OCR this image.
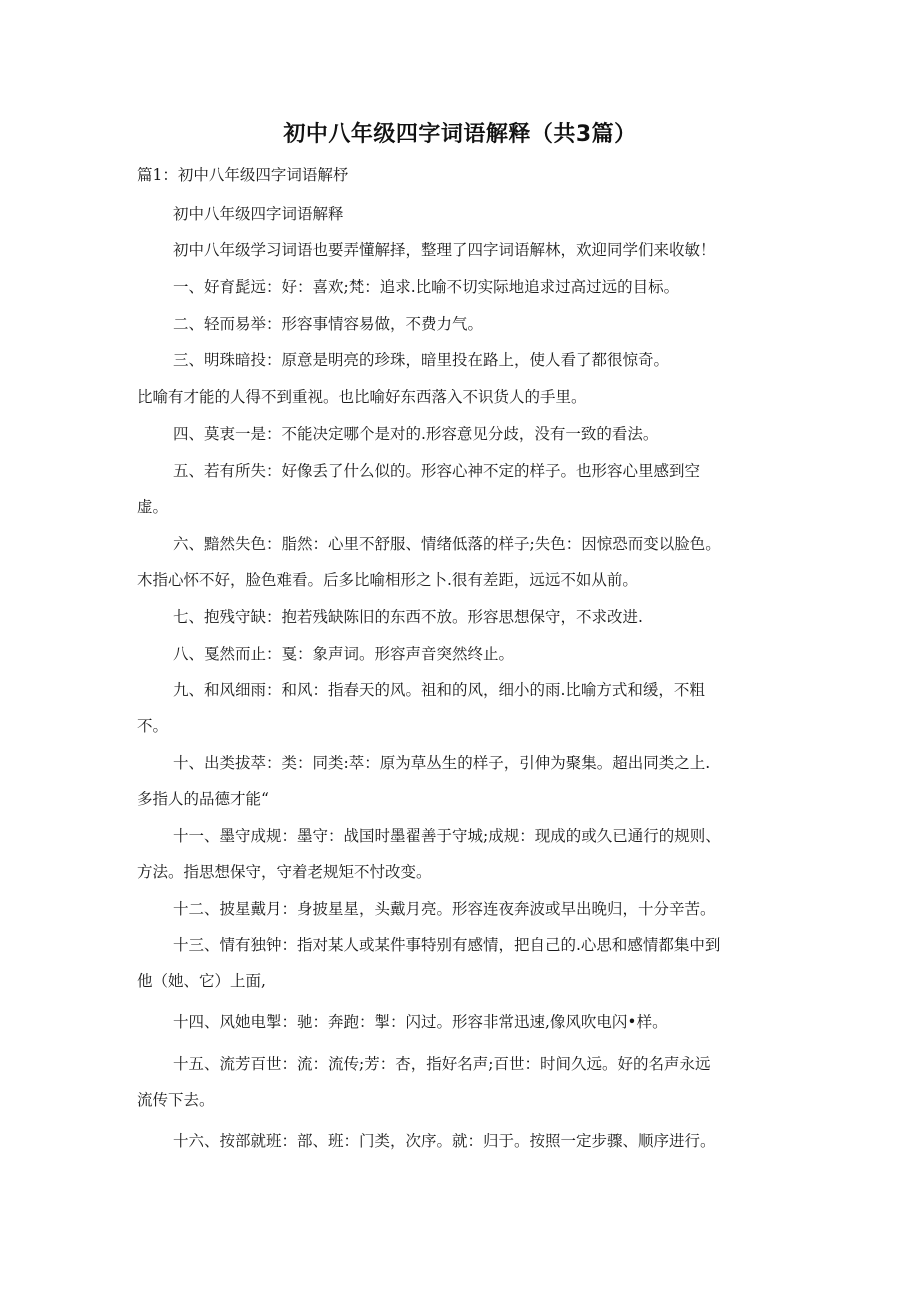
初中八年级四字词语解释（共3篇）
篇1：初中八年级四字词语解杼
初中八年级四字词语解释
初中八年级学习词语也要弄懂解择，整理了四字词语解林，欢迎同学们来收敏！
一、好育髭远：好：喜欢;梵：追求.比喻不切实际地追求过高过远的目标。
二、轻而易举：形容事情容易做，不费力气。
三、明珠暗投：原意是明亮的珍珠，暗里投在路上，使人看了都很惊奇。
比喻有才能的人得不到重视。也比喻好东西落入不识货人的手里。
四、莫衷一是：不能决定哪个是对的.形容意见分歧，没有一致的看法。
五、若有所失：好像丢了什么似的。形容心神不定的样子。也形容心里感到空
虚。
六、黯然失色：脂然：心里不舒服、情绪低落的样子;失色：因惊恐而变以脸色。
木指心怀不好，脸色难看。后多比喻相形之卜.很有差距，远远不如从前。
七、抱残守缺：抱若残缺陈旧的东西不放。形容思想保守，不求改进.
八、戛然而止：戛：象声词。形容声音突然终止。
九、和风细雨：和风：指春天的风。祖和的风，细小的雨.比喻方式和缓，不粗
不。
十、出类拔萃：类：同类:萃：原为草丛生的样子，引伸为聚集。超出同类之上.
多指人的品德才能“
十一、墨守成规：墨守：战国时墨翟善于守城;成规：现成的或久已通行的规则、
方法。指思想保守，守着老规矩不忖改变。
十二、披星戴月：身披星星，头戴月亮。形容连夜奔波或早出晚归，十分辛苦。
十三、情有独钟：指对某人或某件事特别有感情，把自己的.心思和感情都集中到
他（她、它）上面,
十四、风她电掣：驰：奔跑：掣：闪过。形容非常迅速,像风吹电闪•样。
十五、流芳百世：流：流传;芳：杏，指好名声;百世：时间久远。好的名声永远
流传下去。
十六、按部就班：部、班：门类，次序。就：归于。按照一定步骤、顺序进行。
